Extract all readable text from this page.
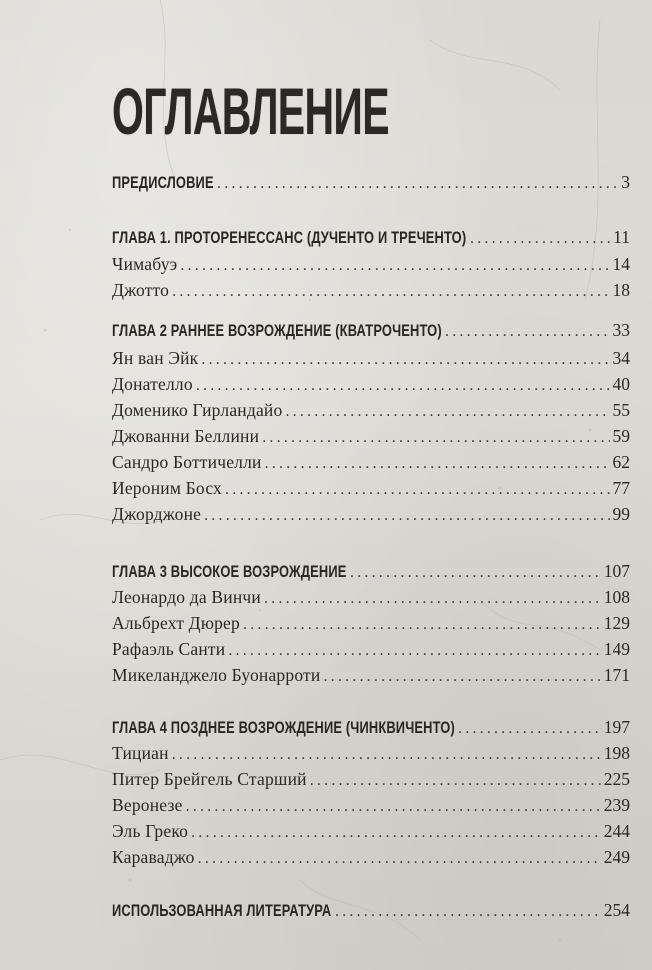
ОГЛАВЛЕНИЕ
ПРЕДИСЛОВИЕ .....	3
ГЛАВА 1. ПРОТОРЕНЕССАНС (ДУЧЕНТО И ТРЕЧЕНТО) .....	11
Чимабуэ .....	14
Джотто .....	18
ГЛАВА 2 РАННЕЕ ВОЗРОЖДЕНИЕ (КВАТРОЧЕНТО) .....	33
Ян ван Эйк .....	34
Донателло .....	40
Доменико Гирландайо .....	55
Джованни Беллини .....	59
Сандро Боттичелли .....	62
Иероним Босх .....	77
Джорджоне .....	99
ГЛАВА 3 ВЫСОКОЕ ВОЗРОЖДЕНИЕ .....	107
Леонардо да Винчи .....	108
Альбрехт Дюрер .....	129
Рафаэль Санти .....	149
Микеланджело Буонарроти .....	171
ГЛАВА 4 ПОЗДНЕЕ ВОЗРОЖДЕНИЕ (ЧИНКВИЧЕНТО) .....	197
Тициан .....	198
Питер Брейгель Старший .....	225
Веронезе .....	239
Эль Греко .....	244
Караваджо .....	249
ИСПОЛЬЗОВАННАЯ ЛИТЕРАТУРА .....	254
